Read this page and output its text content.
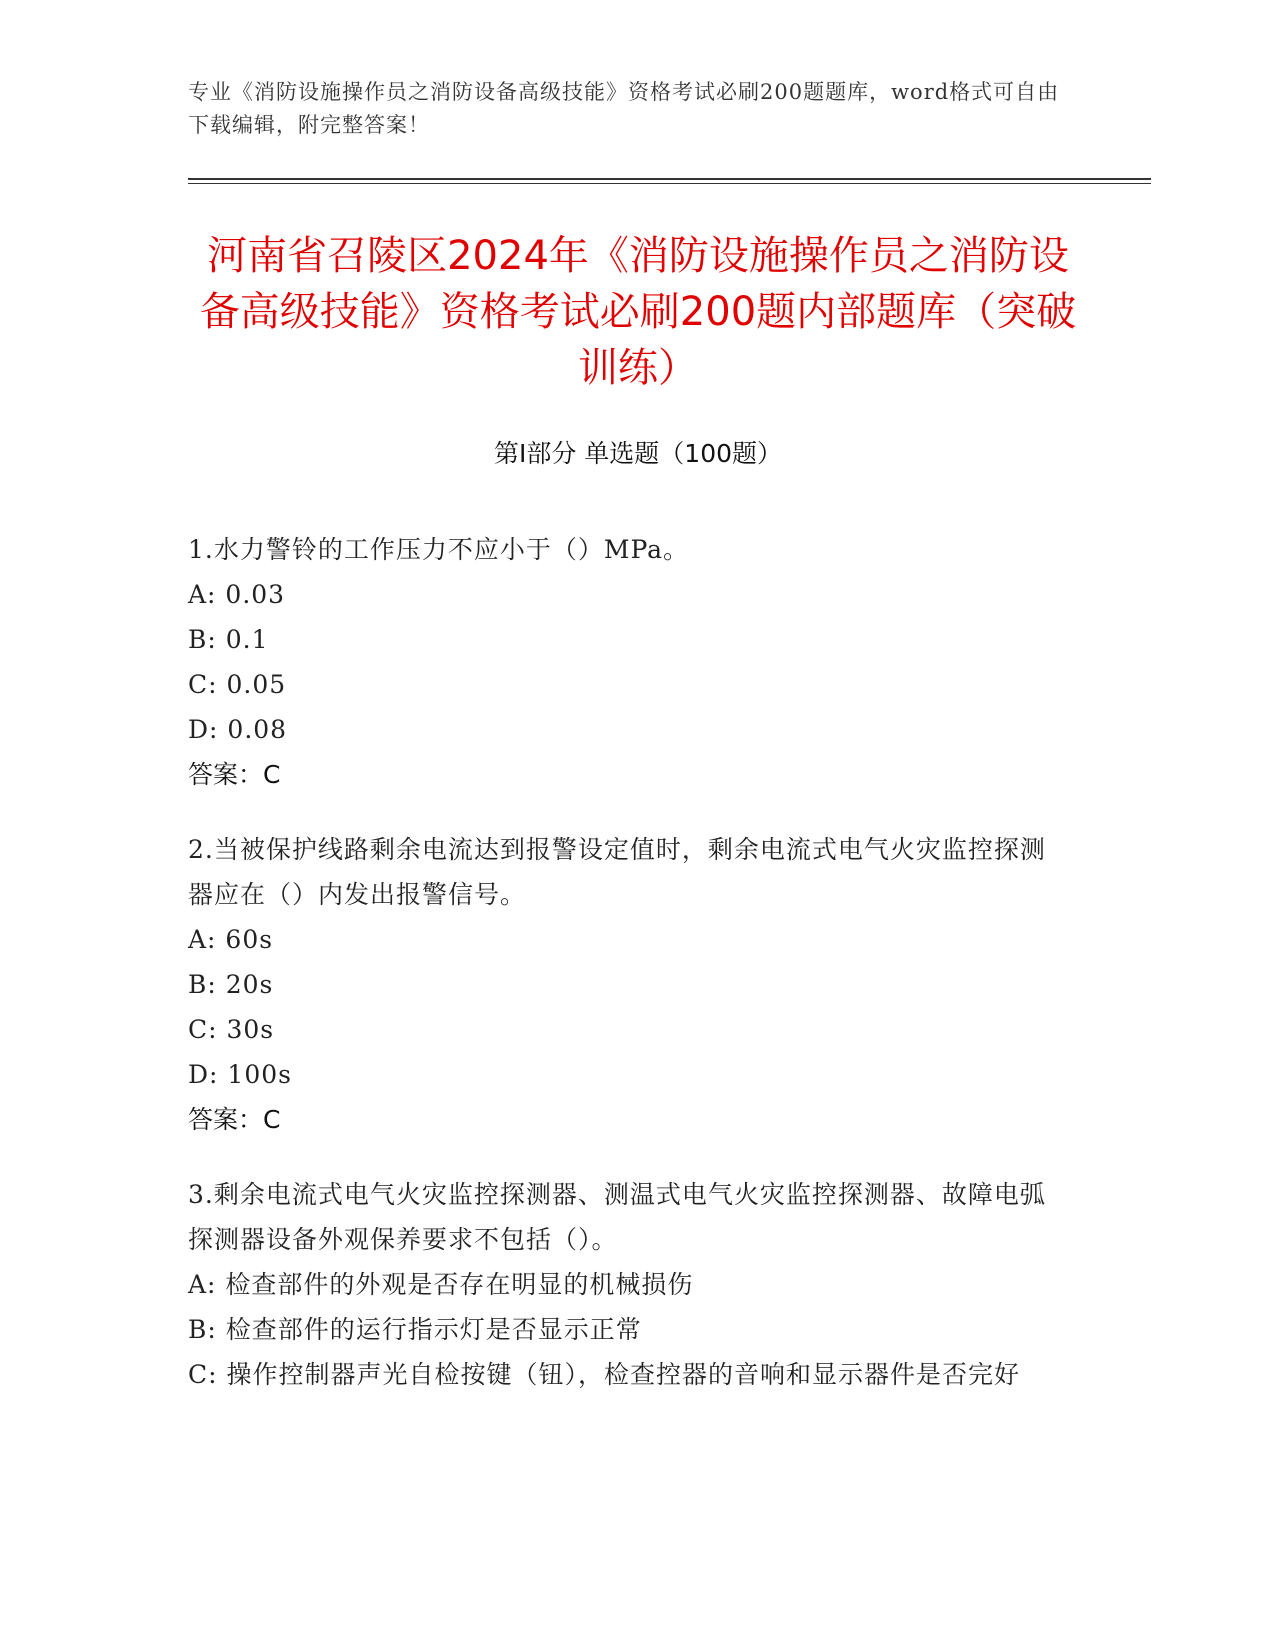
专业《消防设施操作员之消防设备高级技能》资格考试必刷200题题库，word格式可自由下载编辑，附完整答案！
河南省召陵区2024年《消防设施操作员之消防设备高级技能》资格考试必刷200题内部题库（突破训练）
第I部分 单选题（100题）
1.水力警铃的工作压力不应小于（）MPa。
A: 0.03
B: 0.1
C: 0.05
D: 0.08
答案：C
2.当被保护线路剩余电流达到报警设定值时，剩余电流式电气火灾监控探测器应在（）内发出报警信号。
A: 60s
B: 20s
C: 30s
D: 100s
答案：C
3.剩余电流式电气火灾监控探测器、测温式电气火灾监控探测器、故障电弧探测器设备外观保养要求不包括（）。
A: 检查部件的外观是否存在明显的机械损伤
B: 检查部件的运行指示灯是否显示正常
C: 操作控制器声光自检按键（钮），检查控器的音响和显示器件是否完好
